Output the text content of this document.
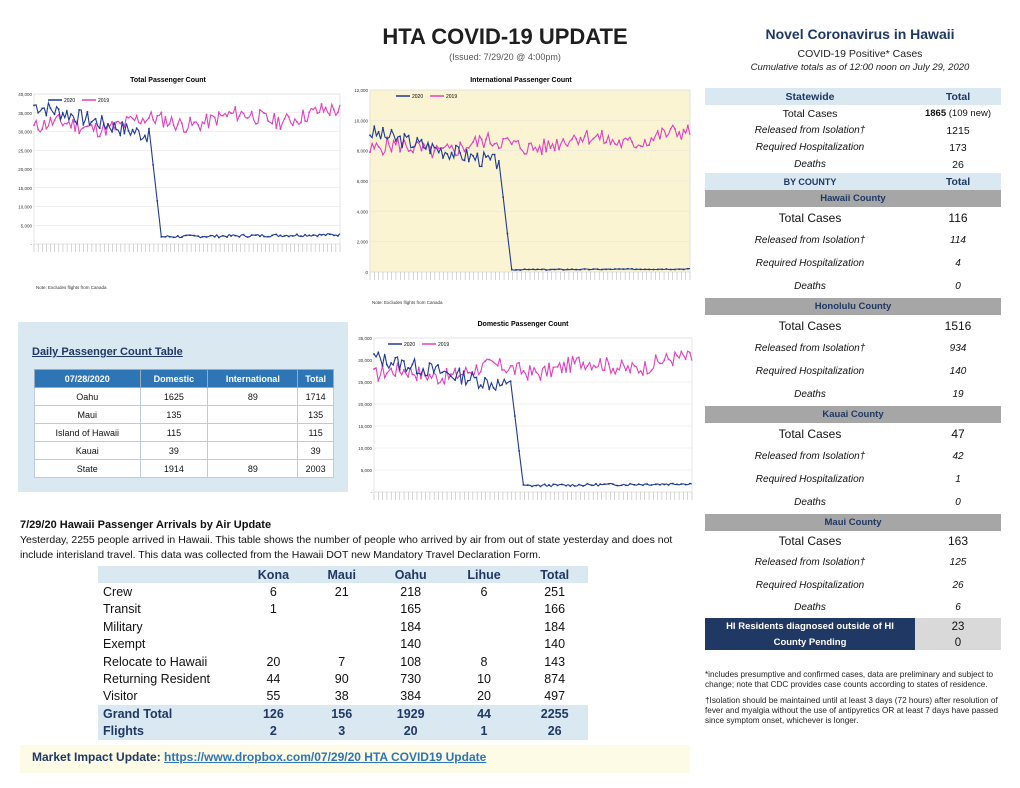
HTA COVID-19 UPDATE
(Issued: 7/29/20 @ 4:00pm)
Novel Coronavirus in Hawaii
COVID-19 Positive* Cases
Cumulative totals as of 12:00 noon on July 29, 2020
Total Passenger Count
40,000
35,000
30,000
25,000
20,000
15,000
10,000
5,000
-
2020	2019
Note: Excludes flights from Canada
International Passenger Count
12,000
10,000
8,000
6,000
4,000
2,000
0
2020	2019
Note: Excludes flights from Canada
Domestic Passenger Count
35,000
30,000
25,000
20,000
15,000
10,000
5,000
-
2020	2019
Daily Passenger Count Table
07/28/2020	Domestic	International	Total
Oahu	1625	89	1714
Maui	135		135
Island of Hawaii	115		115
Kauai	39		39
State	1914	89	2003
7/29/20 Hawaii Passenger Arrivals by Air Update
Yesterday, 2255 people arrived in Hawaii. This table shows the number of people who arrived by air from out of state yesterday and does not include interisland travel. This data was collected from the Hawaii DOT new Mandatory Travel Declaration Form.
	Kona	Maui	Oahu	Lihue	Total
Crew	6	21	218	6	251
Transit	1		165		166
Military			184		184
Exempt			140		140
Relocate to Hawaii	20	7	108	8	143
Returning Resident	44	90	730	10	874
Visitor	55	38	384	20	497
Grand Total	126	156	1929	44	2255
Flights	2	3	20	1	26
Market Impact Update: https://www.dropbox.com/07/29/20 HTA COVID19 Update
Statewide	Total
Total Cases	1865 (109 new)
Released from Isolation†	1215
Required Hospitalization	173
Deaths	26
BY COUNTY	Total
Hawaii County	
Total Cases	116
Released from Isolation†	114
Required Hospitalization	4
Deaths	0
Honolulu County	
Total Cases	1516
Released from Isolation†	934
Required Hospitalization	140
Deaths	19
Kauai County	
Total Cases	47
Released from Isolation†	42
Required Hospitalization	1
Deaths	0
Maui County	
Total Cases	163
Released from Isolation†	125
Required Hospitalization	26
Deaths	6
HI Residents diagnosed outside of HI	23
County Pending	0
*includes presumptive and confirmed cases, data are preliminary and subject to change; note that CDC provides case counts according to states of residence.
†Isolation should be maintained until at least 3 days (72 hours) after resolution of fever and myalgia without the use of antipyretics OR at least 7 days have passed since symptom onset, whichever is longer.
